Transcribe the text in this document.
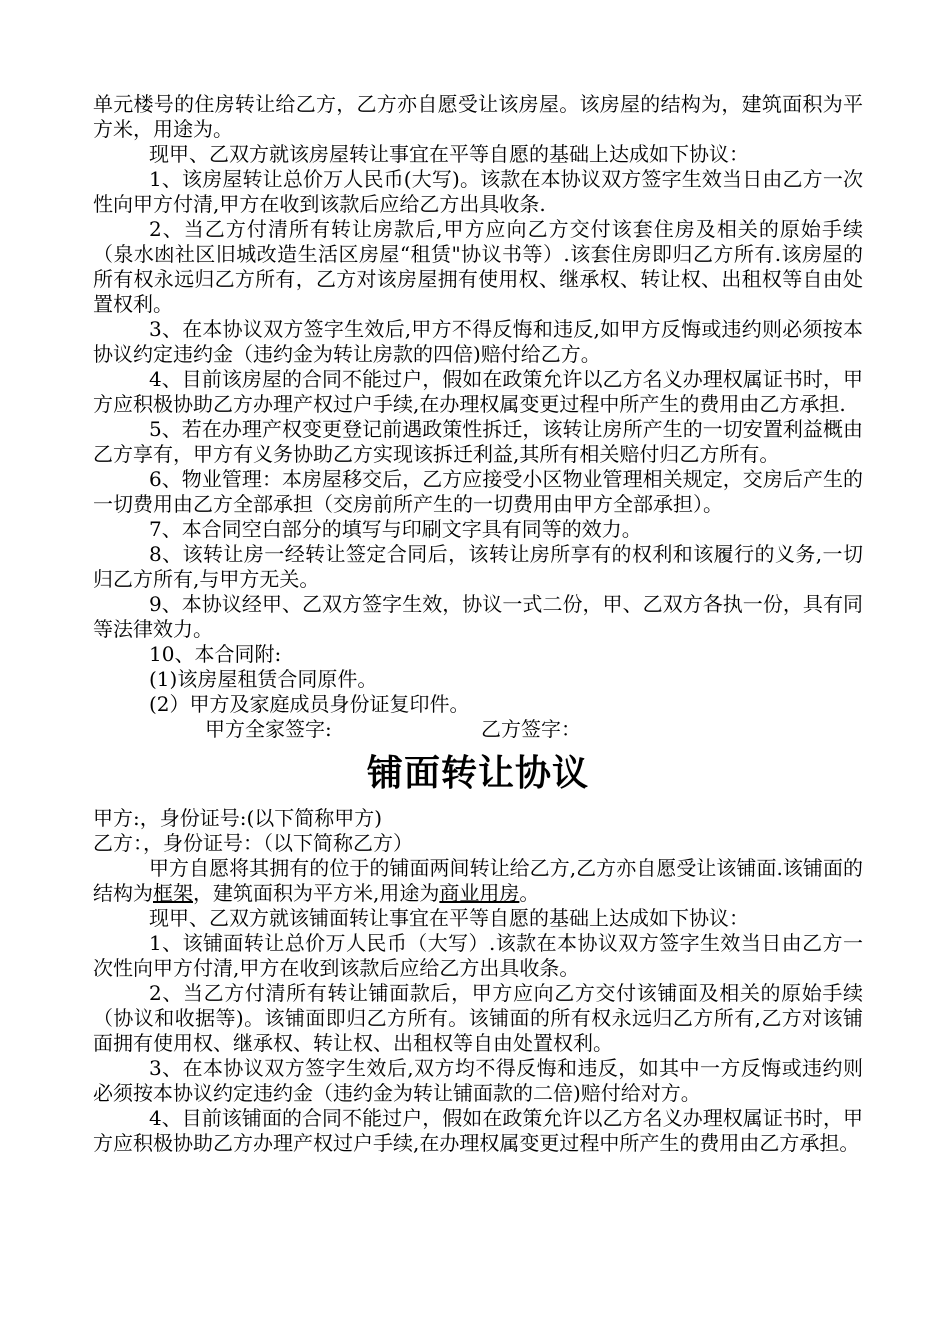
单元楼号的住房转让给乙方，乙方亦自愿受让该房屋。该房屋的结构为，建筑面积为平方米，用途为。

现甲、乙双方就该房屋转让事宜在平等自愿的基础上达成如下协议：

1、该房屋转让总价万人民币(大写)。该款在本协议双方签字生效当日由乙方一次性向甲方付清,甲方在收到该款后应给乙方出具收条.

2、当乙方付清所有转让房款后,甲方应向乙方交付该套住房及相关的原始手续（泉水凼社区旧城改造生活区房屋“租赁"协议书等）.该套住房即归乙方所有.该房屋的所有权永远归乙方所有，乙方对该房屋拥有使用权、继承权、转让权、出租权等自由处置权利。

3、在本协议双方签字生效后,甲方不得反悔和违反,如甲方反悔或违约则必须按本协议约定违约金（违约金为转让房款的四倍)赔付给乙方。

4、目前该房屋的合同不能过户，假如在政策允许以乙方名义办理权属证书时，甲方应积极协助乙方办理产权过户手续,在办理权属变更过程中所产生的费用由乙方承担.

5、若在办理产权变更登记前遇政策性拆迁，该转让房所产生的一切安置利益概由乙方享有，甲方有义务协助乙方实现该拆迁利益,其所有相关赔付归乙方所有。

6、物业管理：本房屋移交后，乙方应接受小区物业管理相关规定，交房后产生的一切费用由乙方全部承担（交房前所产生的一切费用由甲方全部承担）。

7、本合同空白部分的填写与印刷文字具有同等的效力。

8、该转让房一经转让签定合同后，该转让房所享有的权利和该履行的义务,一切归乙方所有,与甲方无关。

9、本协议经甲、乙双方签字生效，协议一式二份，甲、乙双方各执一份，具有同等法律效力。

10、本合同附:

(1)该房屋租赁合同原件。

(2）甲方及家庭成员身份证复印件。

甲方全家签字:	乙方签字：

铺面转让协议

甲方:，身份证号:(以下简称甲方)

乙方：，身份证号：（以下简称乙方）

甲方自愿将其拥有的位于的铺面两间转让给乙方,乙方亦自愿受让该铺面.该铺面的结构为框架，建筑面积为平方米,用途为商业用房。

现甲、乙双方就该铺面转让事宜在平等自愿的基础上达成如下协议：

1、该铺面转让总价万人民币（大写）.该款在本协议双方签字生效当日由乙方一次性向甲方付清,甲方在收到该款后应给乙方出具收条。

2、当乙方付清所有转让铺面款后，甲方应向乙方交付该铺面及相关的原始手续（协议和收据等)。该铺面即归乙方所有。该铺面的所有权永远归乙方所有,乙方对该铺面拥有使用权、继承权、转让权、出租权等自由处置权利。

3、在本协议双方签字生效后,双方均不得反悔和违反，如其中一方反悔或违约则必须按本协议约定违约金（违约金为转让铺面款的二倍)赔付给对方。

4、目前该铺面的合同不能过户，假如在政策允许以乙方名义办理权属证书时，甲方应积极协助乙方办理产权过户手续,在办理权属变更过程中所产生的费用由乙方承担。
